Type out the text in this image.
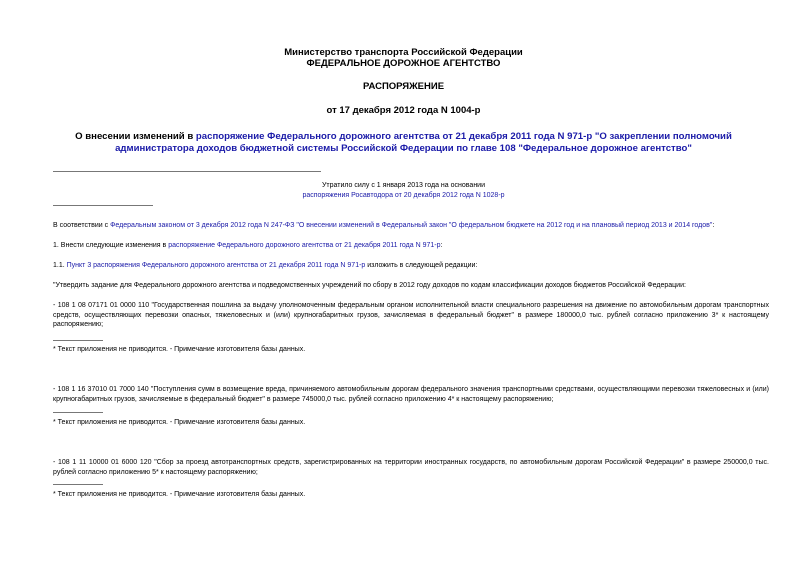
Министерство транспорта Российской Федерации
ФЕДЕРАЛЬНОЕ ДОРОЖНОЕ АГЕНТСТВО
РАСПОРЯЖЕНИЕ
от 17 декабря 2012 года N 1004-р
О внесении изменений в распоряжение Федерального дорожного агентства от 21 декабря 2011 года N 971-р "О закреплении полномочий администратора доходов бюджетной системы Российской Федерации по главе 108 "Федеральное дорожное агентство"
Утратило силу с 1 января 2013 года на основании
распоряжения Росавтодора от 20 декабря 2012 года N 1028-р
В соответствии с Федеральным законом от 3 декабря 2012 года N 247-ФЗ "О внесении изменений в Федеральный закон "О федеральном бюджете на 2012 год и на плановый период 2013 и 2014 годов":
1. Внести следующие изменения в распоряжение Федерального дорожного агентства от 21 декабря 2011 года N 971-р:
1.1. Пункт 3 распоряжения Федерального дорожного агентства от 21 декабря 2011 года N 971-р изложить в следующей редакции:
"Утвердить задание для Федерального дорожного агентства и подведомственных учреждений по сбору в 2012 году доходов по кодам классификации доходов бюджетов Российской Федерации:
- 108 1 08 07171 01 0000 110 "Государственная пошлина за выдачу уполномоченным федеральным органом исполнительной власти специального разрешения на движение по автомобильным дорогам транспортных средств, осуществляющих перевозки опасных, тяжеловесных и (или) крупногабаритных грузов, зачисляемая в федеральный бюджет" в размере 180000,0 тыс. рублей согласно приложению 3* к настоящему распоряжению;
* Текст приложения не приводится. - Примечание изготовителя базы данных.
- 108 1 16 37010 01 7000 140 "Поступления сумм в возмещение вреда, причиняемого автомобильным дорогам федерального значения транспортными средствами, осуществляющими перевозки тяжеловесных и (или) крупногабаритных грузов, зачисляемые в федеральный бюджет" в размере 745000,0 тыс. рублей согласно приложению 4* к настоящему распоряжению;
* Текст приложения не приводится. - Примечание изготовителя базы данных.
- 108 1 11 10000 01 6000 120 "Сбор за проезд автотранспортных средств, зарегистрированных на территории иностранных государств, по автомобильным дорогам Российской Федерации" в размере 250000,0 тыс. рублей согласно приложению 5* к настоящему распоряжению;
* Текст приложения не приводится. - Примечание изготовителя базы данных.
